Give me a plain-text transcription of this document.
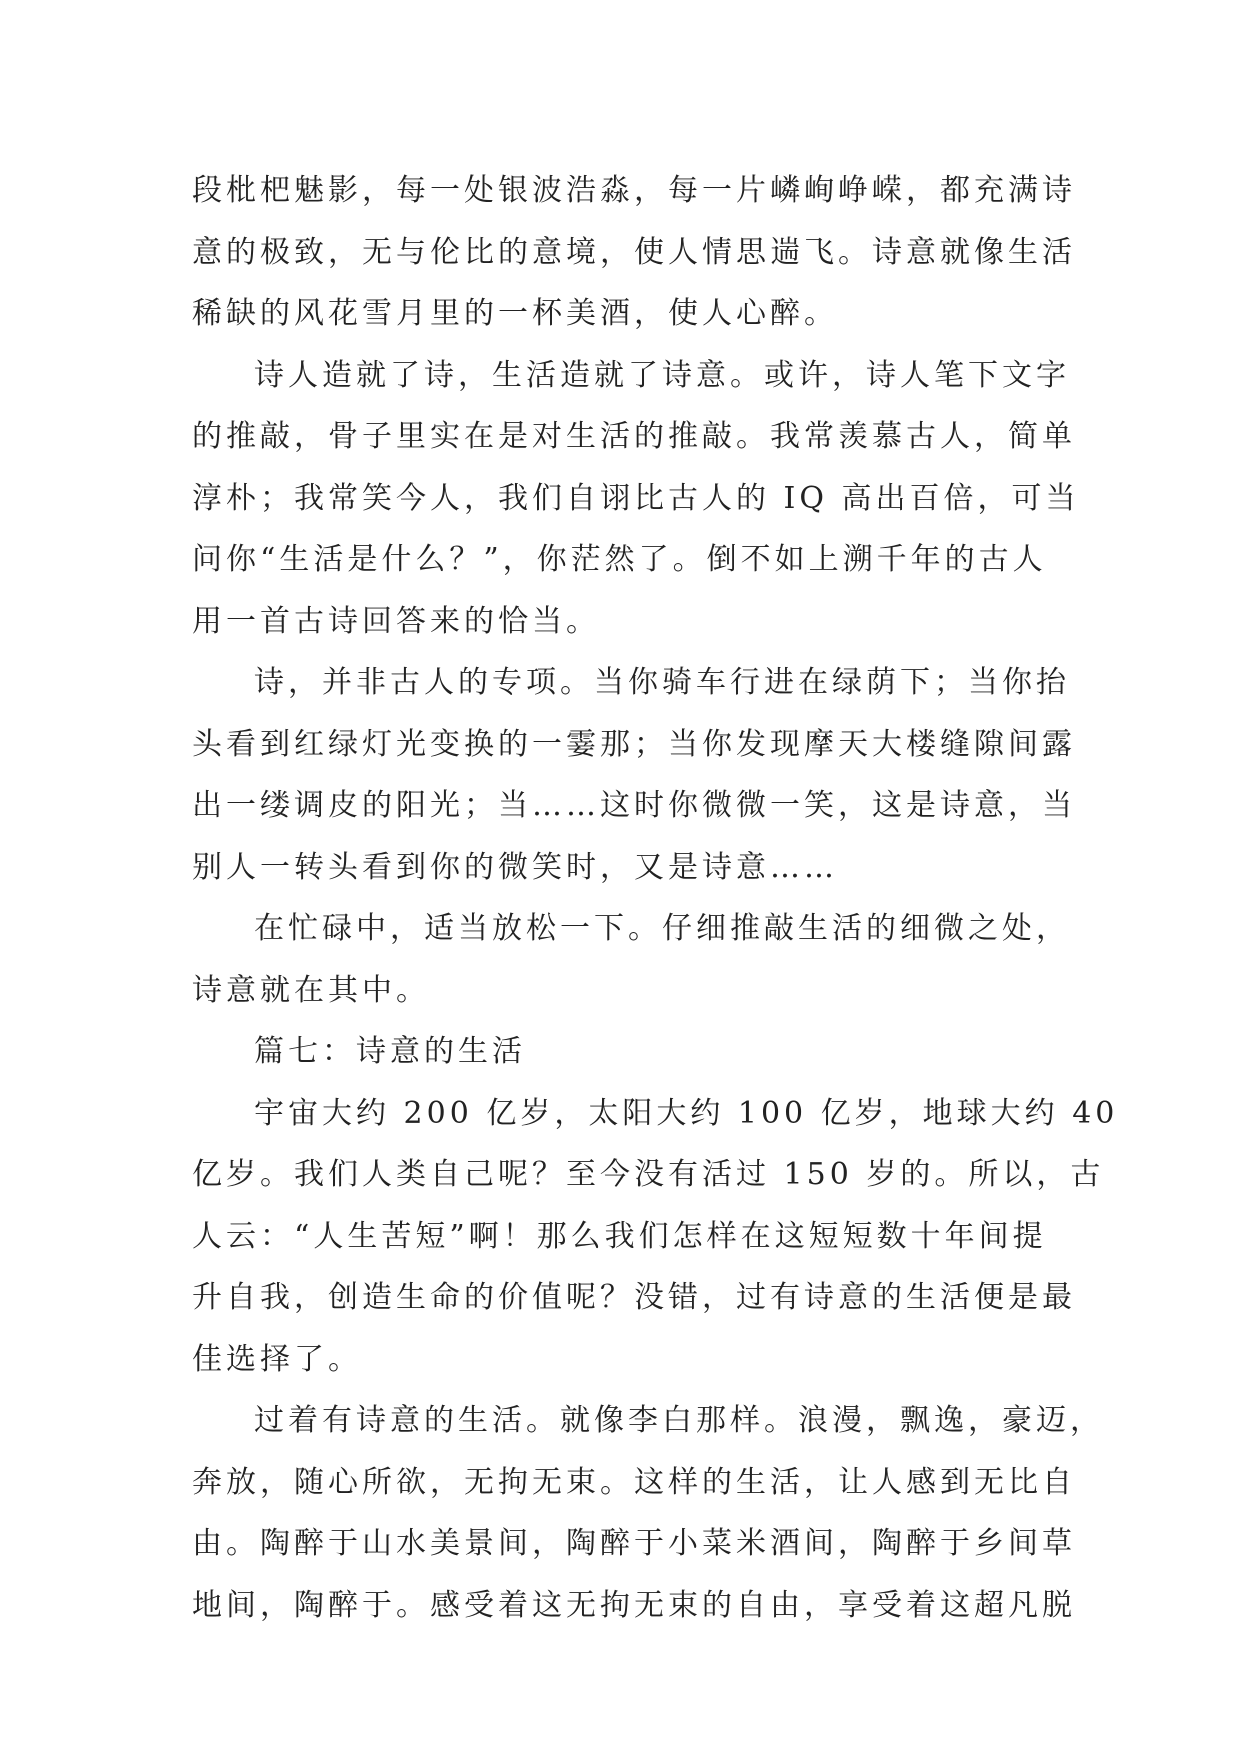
段枇杷魅影，每一处银波浩淼，每一片嶙峋峥嵘，都充满诗
意的极致，无与伦比的意境，使人情思遄飞。诗意就像生活
稀缺的风花雪月里的一杯美酒，使人心醉。
诗人造就了诗，生活造就了诗意。或许，诗人笔下文字
的推敲，骨子里实在是对生活的推敲。我常羡慕古人，简单
淳朴；我常笑今人，我们自诩比古人的 IQ 高出百倍，可当
问你“生活是什么？”，你茫然了。倒不如上溯千年的古人
用一首古诗回答来的恰当。
诗，并非古人的专项。当你骑车行进在绿荫下；当你抬
头看到红绿灯光变换的一霎那；当你发现摩天大楼缝隙间露
出一缕调皮的阳光；当……这时你微微一笑，这是诗意，当
别人一转头看到你的微笑时，又是诗意……
在忙碌中，适当放松一下。仔细推敲生活的细微之处，
诗意就在其中。
篇七：诗意的生活
宇宙大约 200 亿岁，太阳大约 100 亿岁，地球大约 40
亿岁。我们人类自己呢？至今没有活过 150 岁的。所以，古
人云：“人生苦短”啊！那么我们怎样在这短短数十年间提
升自我，创造生命的价值呢？没错，过有诗意的生活便是最
佳选择了。
过着有诗意的生活。就像李白那样。浪漫，飘逸，豪迈，
奔放，随心所欲，无拘无束。这样的生活，让人感到无比自
由。陶醉于山水美景间，陶醉于小菜米酒间，陶醉于乡间草
地间，陶醉于。感受着这无拘无束的自由，享受着这超凡脱
